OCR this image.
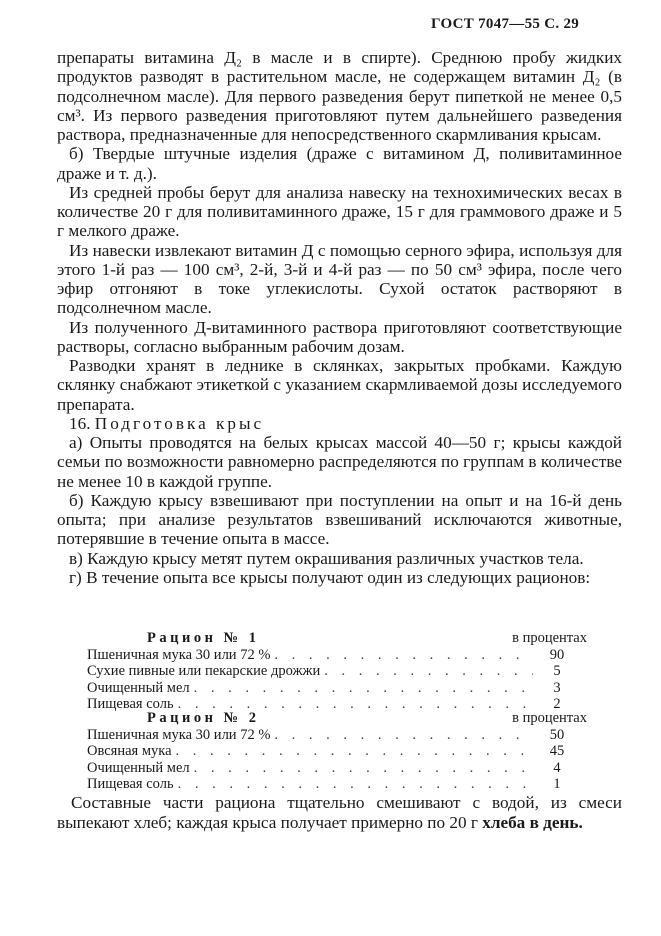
ГОСТ 7047—55 С. 29

препараты витамина Д₂ в масле и в спирте). Среднюю пробу жидких продуктов разводят в растительном масле, не содержащем витамин Д₂ (в подсолнечном масле). Для первого разведения берут пипеткой не менее 0,5 см³. Из первого разведения приготовляют путем дальнейшего разведения раствора, предназначенные для непосредственного скармливания крысам.

б) Твердые штучные изделия (драже с витамином Д, поливитаминное драже и т. д.).

Из средней пробы берут для анализа навеску на технохимических весах в количестве 20 г для поливитаминного драже, 15 г для граммового драже и 5 г мелкого драже.

Из навески извлекают витамин Д с помощью серного эфира, используя для этого 1-й раз — 100 см³, 2-й, 3-й и 4-й раз — по 50 см³ эфира, после чего эфир отгоняют в токе углекислоты. Сухой остаток растворяют в подсолнечном масле.

Из полученного Д-витаминного раствора приготовляют соответствующие растворы, согласно выбранным рабочим дозам.

Разводки хранят в леднике в склянках, закрытых пробками. Каждую склянку снабжают этикеткой с указанием скармливаемой дозы исследуемого препарата.

16. Подготовка крыс

а) Опыты проводятся на белых крысах массой 40—50 г; крысы каждой семьи по возможности равномерно распределяются по группам в количестве не менее 10 в каждой группе.

б) Каждую крысу взвешивают при поступлении на опыт и на 16-й день опыта; при анализе результатов взвешиваний исключаются животные, потерявшие в течение опыта в массе.

в) Каждую крысу метят путем окрашивания различных участков тела.

г) В течение опыта все крысы получают один из следующих рационов:

Рацион № 1	в процентах
Пшеничная мука 30 или 72 % . . .	90
Сухие пивные или пекарские дрожжи . . .	5
Очищенный мел . . .	3
Пищевая соль . . .	2
Рацион № 2	в процентах
Пшеничная мука 30 или 72 % . . .	50
Овсяная мука . . .	45
Очищенный мел . . .	4
Пищевая соль . . .	1

Составные части рациона тщательно смешивают с водой, из смеси выпекают хлеб; каждая крыса получает примерно по 20 г хлеба в день.
